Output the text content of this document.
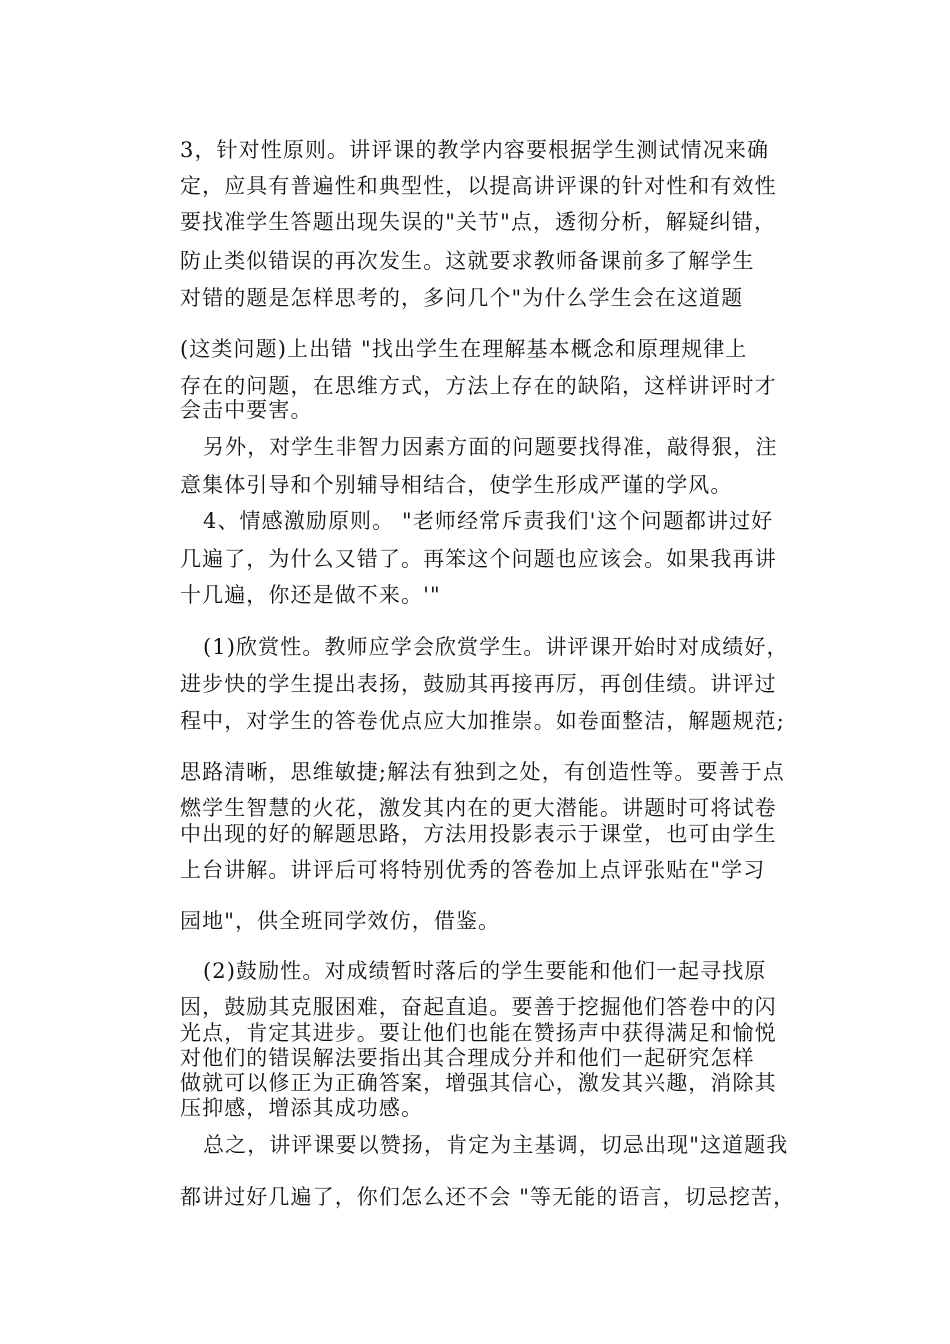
3，针对性原则。讲评课的教学内容要根据学生测试情况来确
定，应具有普遍性和典型性，以提高讲评课的针对性和有效性
要找准学生答题出现失误的"关节"点，透彻分析，解疑纠错，
防止类似错误的再次发生。这就要求教师备课前多了解学生
对错的题是怎样思考的，多问几个"为什么学生会在这道题
(这类问题)上出错 "找出学生在理解基本概念和原理规律上
存在的问题，在思维方式，方法上存在的缺陷，这样讲评时才
会击中要害。
另外，对学生非智力因素方面的问题要找得准，敲得狠，注
意集体引导和个别辅导相结合，使学生形成严谨的学风。
4、情感激励原则。 "老师经常斥责我们'这个问题都讲过好
几遍了，为什么又错了。再笨这个问题也应该会。如果我再讲
十几遍，你还是做不来。'"
(1)欣赏性。教师应学会欣赏学生。讲评课开始时对成绩好，
进步快的学生提出表扬，鼓励其再接再厉，再创佳绩。讲评过
程中，对学生的答卷优点应大加推崇。如卷面整洁，解题规范;
思路清晰，思维敏捷;解法有独到之处，有创造性等。要善于点
燃学生智慧的火花，激发其内在的更大潜能。讲题时可将试卷
中出现的好的解题思路，方法用投影表示于课堂，也可由学生
上台讲解。讲评后可将特别优秀的答卷加上点评张贴在"学习
园地"，供全班同学效仿，借鉴。
(2)鼓励性。对成绩暂时落后的学生要能和他们一起寻找原
因，鼓励其克服困难，奋起直追。要善于挖掘他们答卷中的闪
光点，肯定其进步。要让他们也能在赞扬声中获得满足和愉悦
对他们的错误解法要指出其合理成分并和他们一起研究怎样
做就可以修正为正确答案，增强其信心，激发其兴趣，消除其
压抑感，增添其成功感。
总之，讲评课要以赞扬，肯定为主基调，切忌出现"这道题我
都讲过好几遍了，你们怎么还不会 "等无能的语言，切忌挖苦，
